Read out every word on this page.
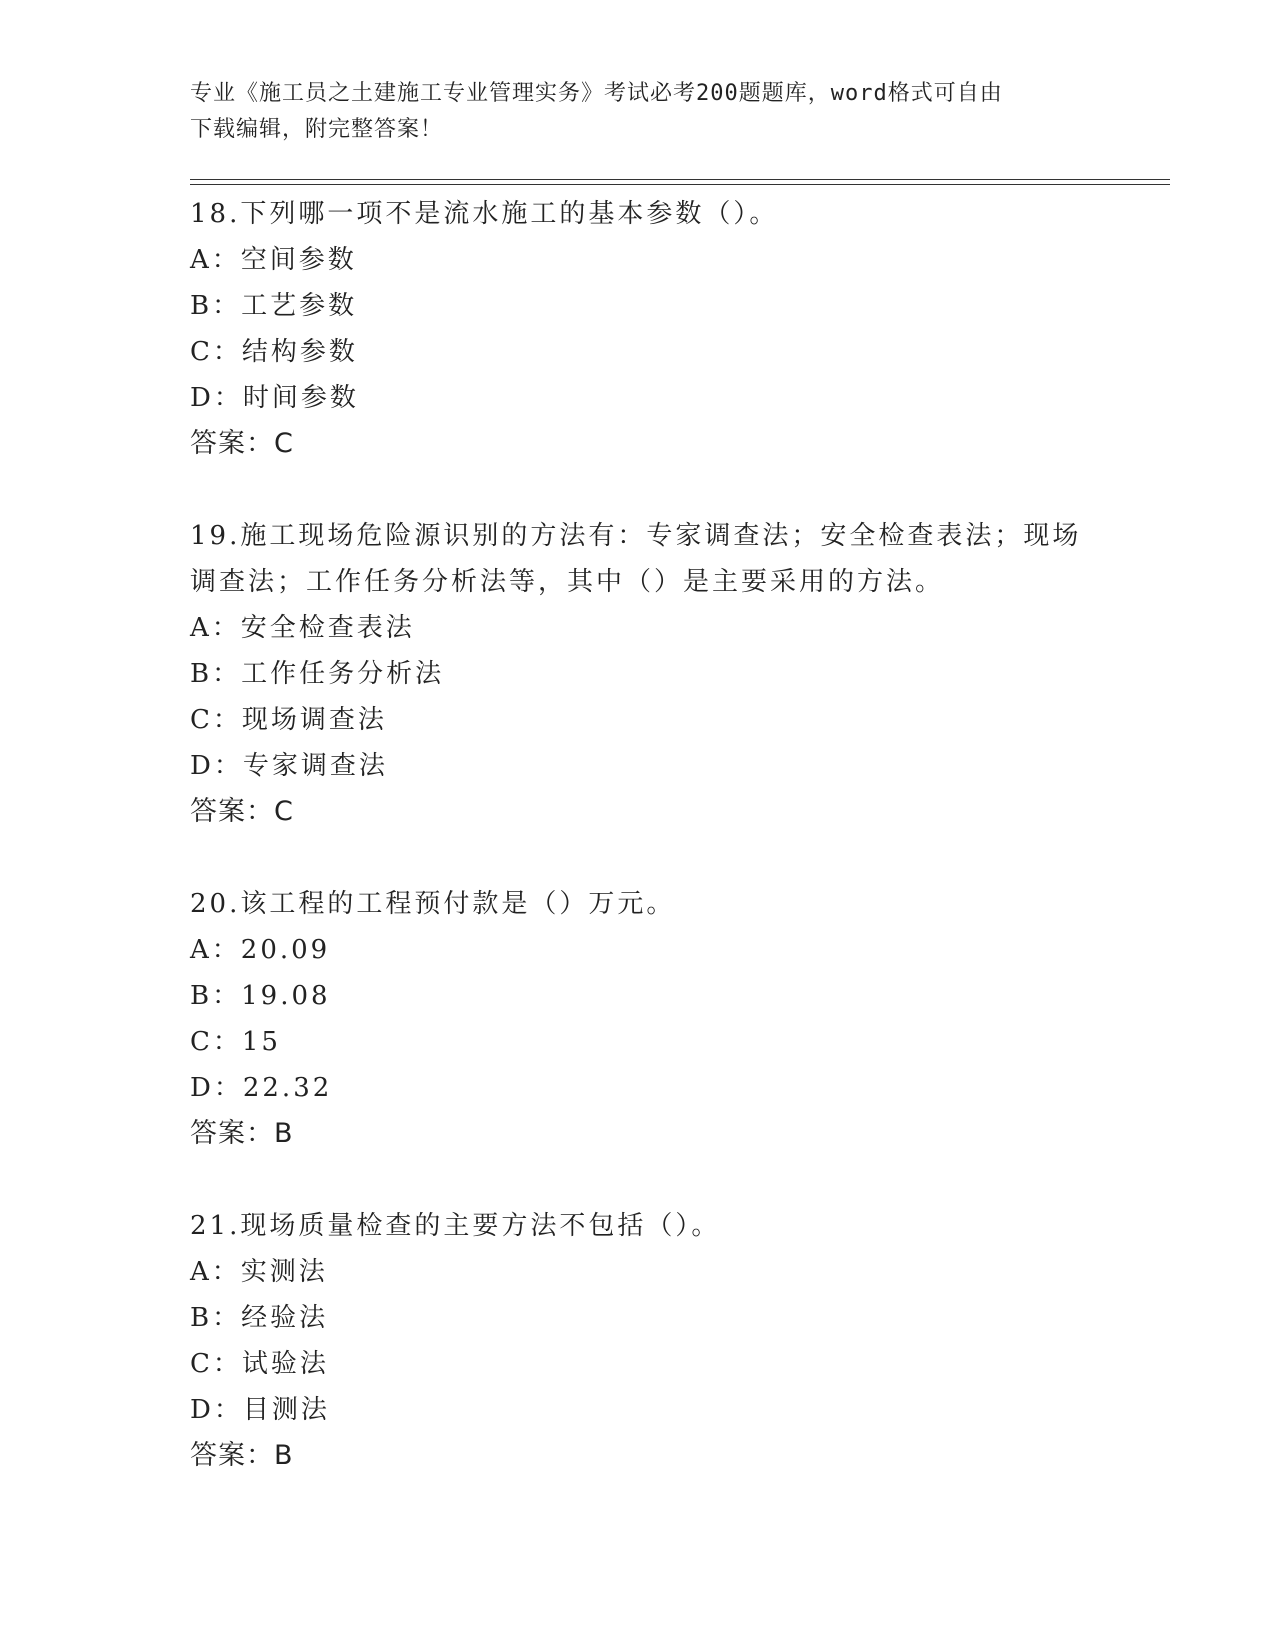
专业《施工员之土建施工专业管理实务》考试必考200题题库，word格式可自由
下载编辑，附完整答案！
18.下列哪一项不是流水施工的基本参数（）。
A：空间参数
B：工艺参数
C：结构参数
D：时间参数
答案：C
19.施工现场危险源识别的方法有：专家调查法；安全检查表法；现场调查法；工作任务分析法等，其中（）是主要采用的方法。
A：安全检查表法
B：工作任务分析法
C：现场调查法
D：专家调查法
答案：C
20.该工程的工程预付款是（）万元。
A：20.09
B：19.08
C：15
D：22.32
答案：B
21.现场质量检查的主要方法不包括（）。
A：实测法
B：经验法
C：试验法
D：目测法
答案：B
